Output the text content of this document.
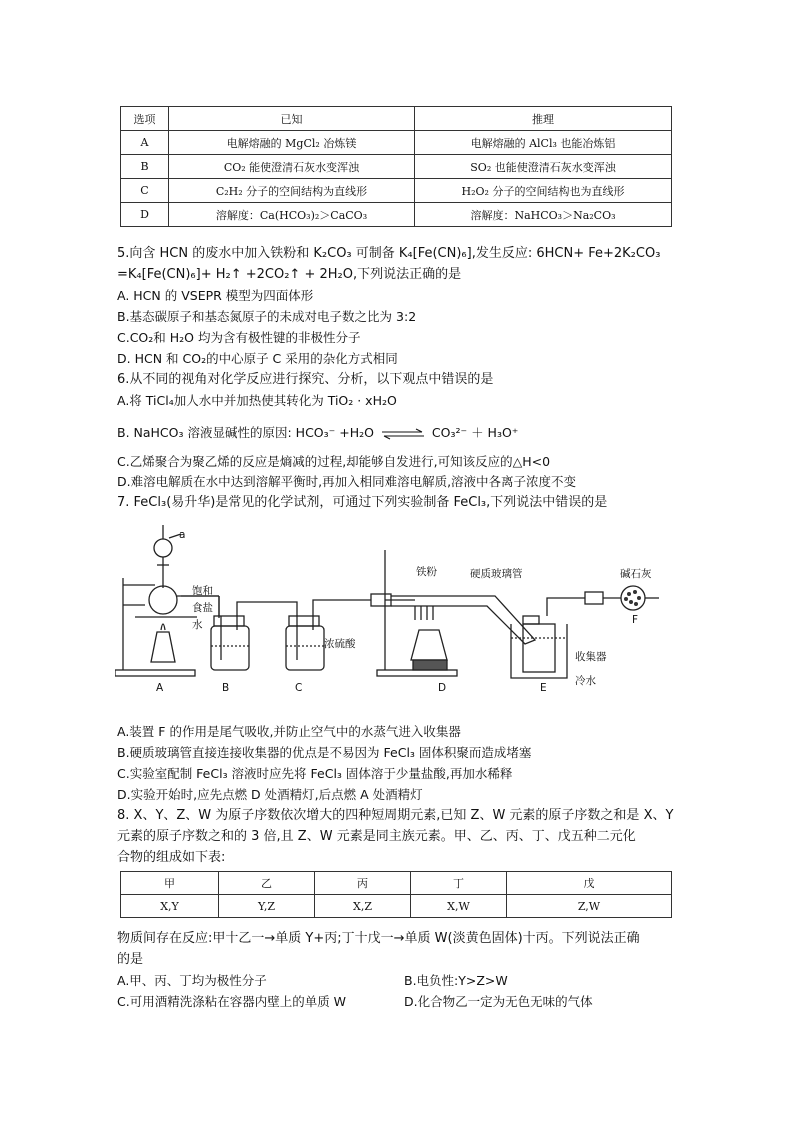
选项	已知	推理
A	电解熔融的 MgCl₂ 冶炼镁	电解熔融的 AlCl₃ 也能冶炼铝
B	CO₂ 能使澄清石灰水变浑浊	SO₂ 也能使澄清石灰水变浑浊
C	C₂H₂ 分子的空间结构为直线形	H₂O₂ 分子的空间结构也为直线形
D	溶解度：Ca(HCO₃)₂＞CaCO₃	溶解度：NaHCO₃＞Na₂CO₃
5.向含 HCN 的废水中加入铁粉和 K₂CO₃ 可制备 K₄[Fe(CN)₆],发生反应: 6HCN+ Fe+2K₂CO₃
=K₄[Fe(CN)₆]+ H₂↑ +2CO₂↑ + 2H₂O,下列说法正确的是
A. HCN 的 VSEPR 模型为四面体形
B.基态碳原子和基态氮原子的未成对电子数之比为 3:2
C.CO₂和 H₂O 均为含有极性键的非极性分子
D. HCN 和 CO₂的中心原子 C 采用的杂化方式相同
6.从不同的视角对化学反应进行探究、分析，以下观点中错误的是
A.将 TiCl₄加人水中并加热使其转化为 TiO₂ · xH₂O
B. NaHCO₃ 溶液显碱性的原因: HCO₃⁻ +H₂O ⇌ CO₃²⁻ ＋ H₃O⁺
C.乙烯聚合为聚乙烯的反应是熵减的过程,却能够自发进行,可知该反应的△H<0
D.难溶电解质在水中达到溶解平衡时,再加入相同难溶电解质,溶液中各离子浓度不变
7. FeCl₃(易升华)是常见的化学试剂，可通过下列实验制备 FeCl₃,下列说法中错误的是
a
饱和
食盐
水
浓硫酸
铁粉	硬质玻璃管	碱石灰
收集器
冷水
A	B	C	D	E
F
A.装置 F 的作用是尾气吸收,并防止空气中的水蒸气进入收集器
B.硬质玻璃管直接连接收集器的优点是不易因为 FeCl₃ 固体积聚而造成堵塞
C.实验室配制 FeCl₃ 溶液时应先将 FeCl₃ 固体溶于少量盐酸,再加水稀释
D.实验开始时,应先点燃 D 处酒精灯,后点燃 A 处酒精灯
8. X、Y、Z、W 为原子序数依次增大的四种短周期元素,已知 Z、W 元素的原子序数之和是 X、Y
元素的原子序数之和的 3 倍,且 Z、W 元素是同主族元素。甲、乙、丙、丁、戊五种二元化
合物的组成如下表:
甲	乙	丙	丁	戊
X,Y	Y,Z	X,Z	X,W	Z,W
物质间存在反应:甲十乙一→单质 Y+丙;丁十戊一→单质 W(淡黄色固体)十丙。下列说法正确
的是
A.甲、丙、丁均为极性分子	B.电负性:Y>Z>W
C.可用酒精洗涤粘在容器内壁上的单质 W	D.化合物乙一定为无色无味的气体
